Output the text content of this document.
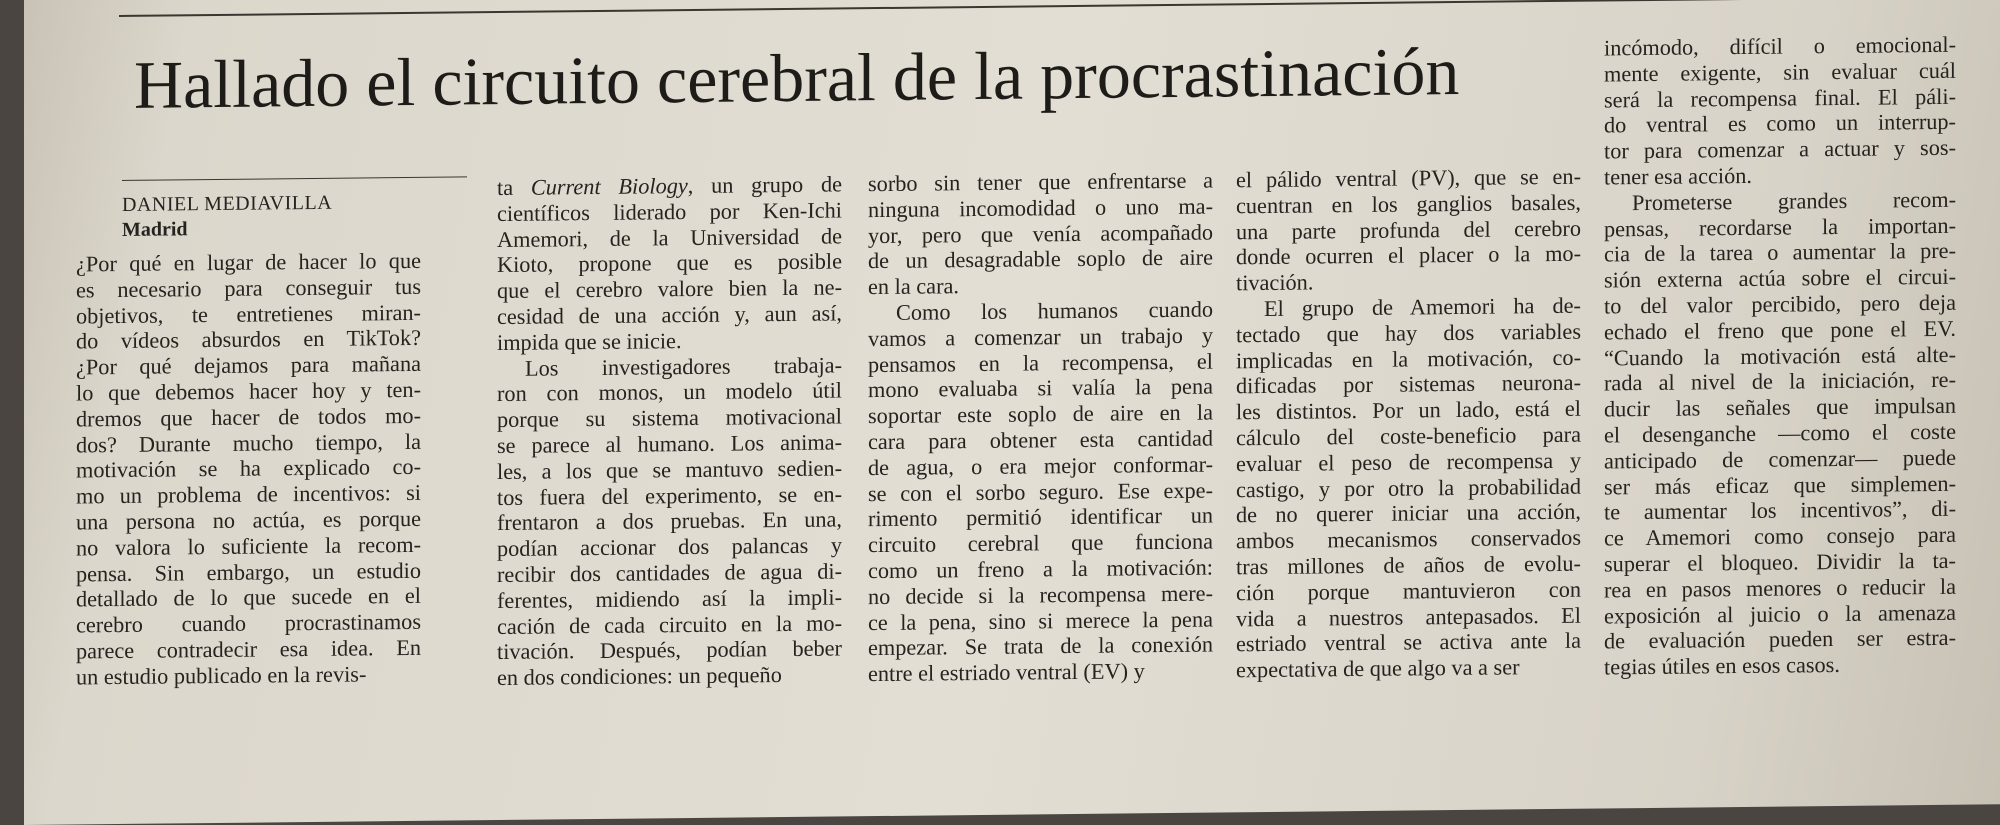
Hallado el circuito cerebral de la procrastinación
DANIEL MEDIAVILLA
Madrid
¿Por qué en lugar de hacer lo que
es necesario para conseguir tus
objetivos, te entretienes miran-
do vídeos absurdos en TikTok?
¿Por qué dejamos para mañana
lo que debemos hacer hoy y ten-
dremos que hacer de todos mo-
dos? Durante mucho tiempo, la
motivación se ha explicado co-
mo un problema de incentivos: si
una persona no actúa, es porque
no valora lo suficiente la recom-
pensa. Sin embargo, un estudio
detallado de lo que sucede en el
cerebro cuando procrastinamos
parece contradecir esa idea. En
un estudio publicado en la revis-
ta Current Biology, un grupo de
científicos liderado por Ken-Ichi
Amemori, de la Universidad de
Kioto, propone que es posible
que el cerebro valore bien la ne-
cesidad de una acción y, aun así,
impida que se inicie.
Los investigadores trabaja-
ron con monos, un modelo útil
porque su sistema motivacional
se parece al humano. Los anima-
les, a los que se mantuvo sedien-
tos fuera del experimento, se en-
frentaron a dos pruebas. En una,
podían accionar dos palancas y
recibir dos cantidades de agua di-
ferentes, midiendo así la impli-
cación de cada circuito en la mo-
tivación. Después, podían beber
en dos condiciones: un pequeño
sorbo sin tener que enfrentarse a
ninguna incomodidad o uno ma-
yor, pero que venía acompañado
de un desagradable soplo de aire
en la cara.
Como los humanos cuando
vamos a comenzar un trabajo y
pensamos en la recompensa, el
mono evaluaba si valía la pena
soportar este soplo de aire en la
cara para obtener esta cantidad
de agua, o era mejor conformar-
se con el sorbo seguro. Ese expe-
rimento permitió identificar un
circuito cerebral que funciona
como un freno a la motivación:
no decide si la recompensa mere-
ce la pena, sino si merece la pena
empezar. Se trata de la conexión
entre el estriado ventral (EV) y
el pálido ventral (PV), que se en-
cuentran en los ganglios basales,
una parte profunda del cerebro
donde ocurren el placer o la mo-
tivación.
El grupo de Amemori ha de-
tectado que hay dos variables
implicadas en la motivación, co-
dificadas por sistemas neurona-
les distintos. Por un lado, está el
cálculo del coste-beneficio para
evaluar el peso de recompensa y
castigo, y por otro la probabilidad
de no querer iniciar una acción,
ambos mecanismos conservados
tras millones de años de evolu-
ción porque mantuvieron con
vida a nuestros antepasados. El
estriado ventral se activa ante la
expectativa de que algo va a ser
incómodo, difícil o emocional-
mente exigente, sin evaluar cuál
será la recompensa final. El páli-
do ventral es como un interrup-
tor para comenzar a actuar y sos-
tener esa acción.
Prometerse grandes recom-
pensas, recordarse la importan-
cia de la tarea o aumentar la pre-
sión externa actúa sobre el circui-
to del valor percibido, pero deja
echado el freno que pone el EV.
“Cuando la motivación está alte-
rada al nivel de la iniciación, re-
ducir las señales que impulsan
el desenganche —como el coste
anticipado de comenzar— puede
ser más eficaz que simplemen-
te aumentar los incentivos”, di-
ce Amemori como consejo para
superar el bloqueo. Dividir la ta-
rea en pasos menores o reducir la
exposición al juicio o la amenaza
de evaluación pueden ser estra-
tegias útiles en esos casos.
